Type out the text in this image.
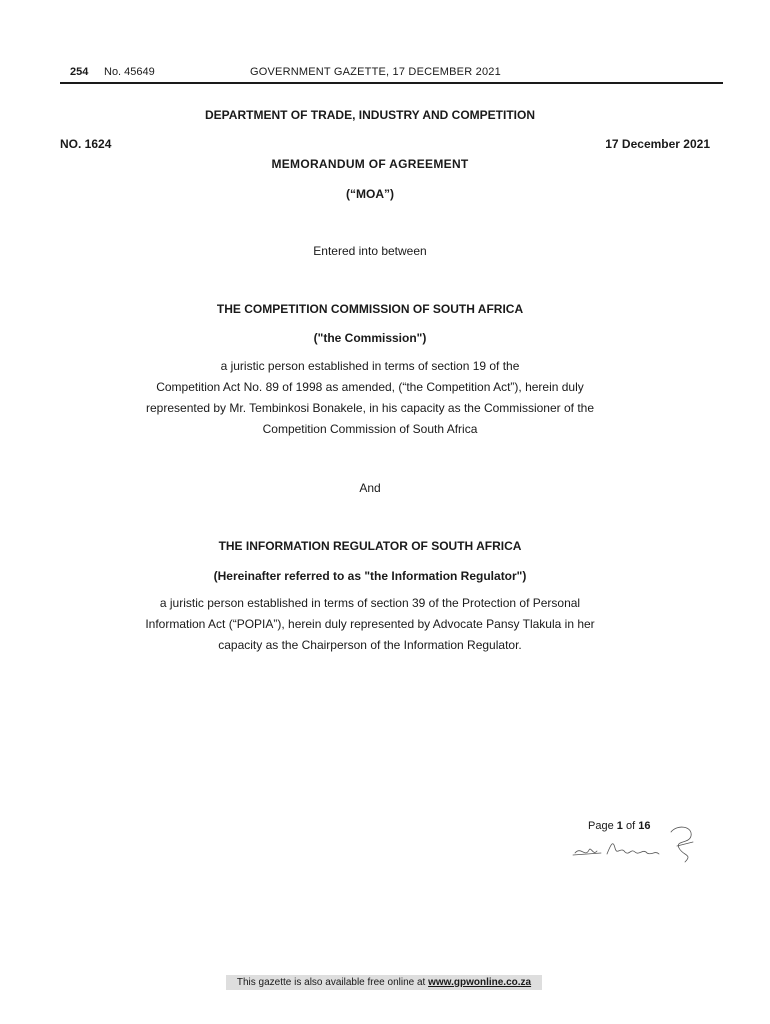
254 No. 45649	GOVERNMENT GAZETTE, 17 DECEMBER 2021
DEPARTMENT OF TRADE, INDUSTRY AND COMPETITION
NO. 1624	17 December 2021
MEMORANDUM OF AGREEMENT
(“MOA”)
Entered into between
THE COMPETITION COMMISSION OF SOUTH AFRICA
("the Commission")
a juristic person established in terms of section 19 of the
Competition Act No. 89 of 1998 as amended, (“the Competition Act”), herein duly
represented by Mr. Tembinkosi Bonakele, in his capacity as the Commissioner of the
Competition Commission of South Africa
And
THE INFORMATION REGULATOR OF SOUTH AFRICA
(Hereinafter referred to as "the Information Regulator")
a juristic person established in terms of section 39 of the Protection of Personal
Information Act (“POPIA”), herein duly represented by Advocate Pansy Tlakula in her
capacity as the Chairperson of the Information Regulator.
Page 1 of 16
This gazette is also available free online at www.gpwonline.co.za
